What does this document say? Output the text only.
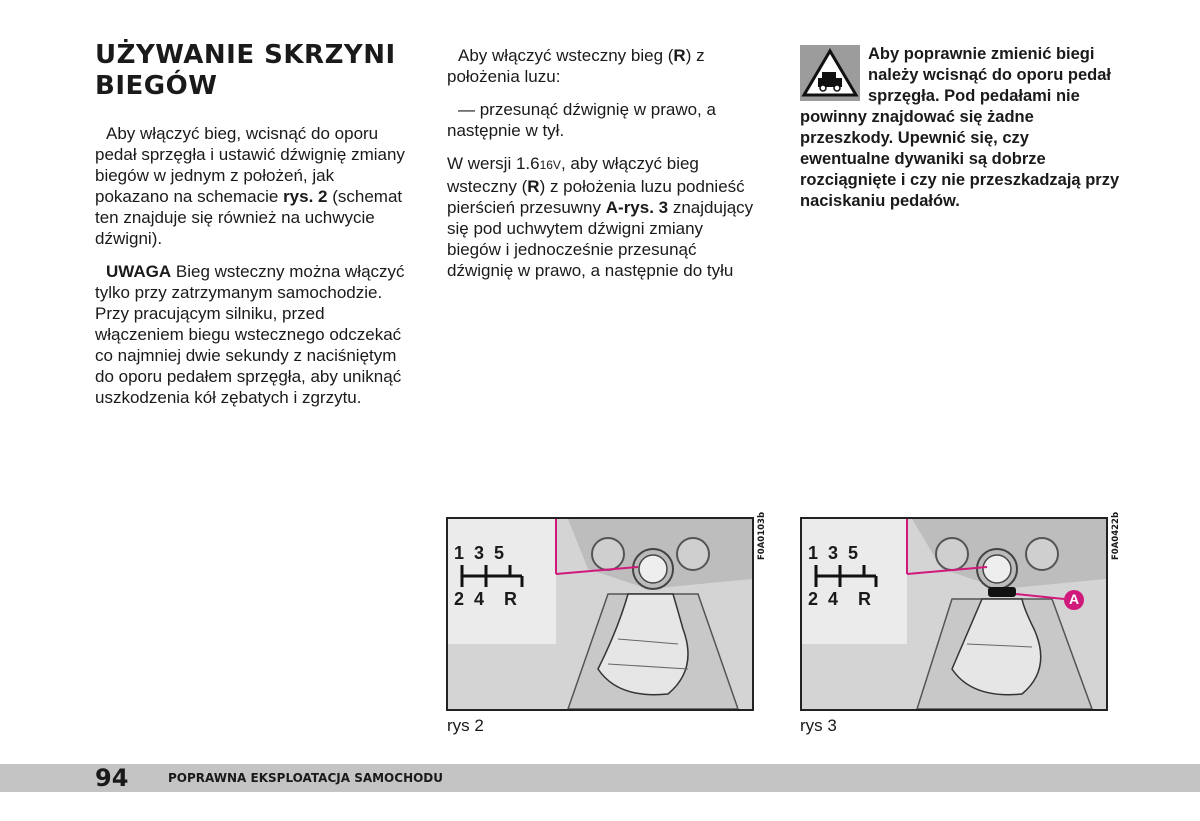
UŻYWANIE SKRZYNI BIEGÓW

Aby włączyć bieg, wcisnąć do oporu pedał sprzęgła i ustawić dźwignię zmiany biegów w jednym z położeń, jak pokazano na schemacie rys. 2 (schemat ten znajduje się również na uchwycie dźwigni).

UWAGA Bieg wsteczny można włączyć tylko przy zatrzymanym samochodzie. Przy pracującym silniku, przed włączeniem biegu wstecznego odczekać co najmniej dwie sekundy z naciśniętym do oporu pedałem sprzęgła, aby uniknąć uszkodzenia kół zębatych i zgrzytu.

Aby włączyć wsteczny bieg (R) z położenia luzu:

— przesunąć dźwignię w prawo, a następnie w tył.

W wersji 1.616V, aby włączyć bieg wsteczny (R) z położenia luzu podnieść pierścień przesuwny A-rys. 3 znajdujący się pod uchwytem dźwigni zmiany biegów i jednocześnie przesunąć dźwignię w prawo, a następnie do tyłu

Aby poprawnie zmienić biegi należy wcisnąć do oporu pedał sprzęgła. Pod pedałami nie powinny znajdować się żadne przeszkody. Upewnić się, czy ewentualne dywaniki są dobrze rozciągnięte i czy nie przeszkadzają przy naciskaniu pedałów.
1  3  5
2  4    R
F0A0103b
rys 2
1  3  5
2  4    R	A
F0A0422b
rys 3
94	POPRAWNA EKSPLOATACJA SAMOCHODU
